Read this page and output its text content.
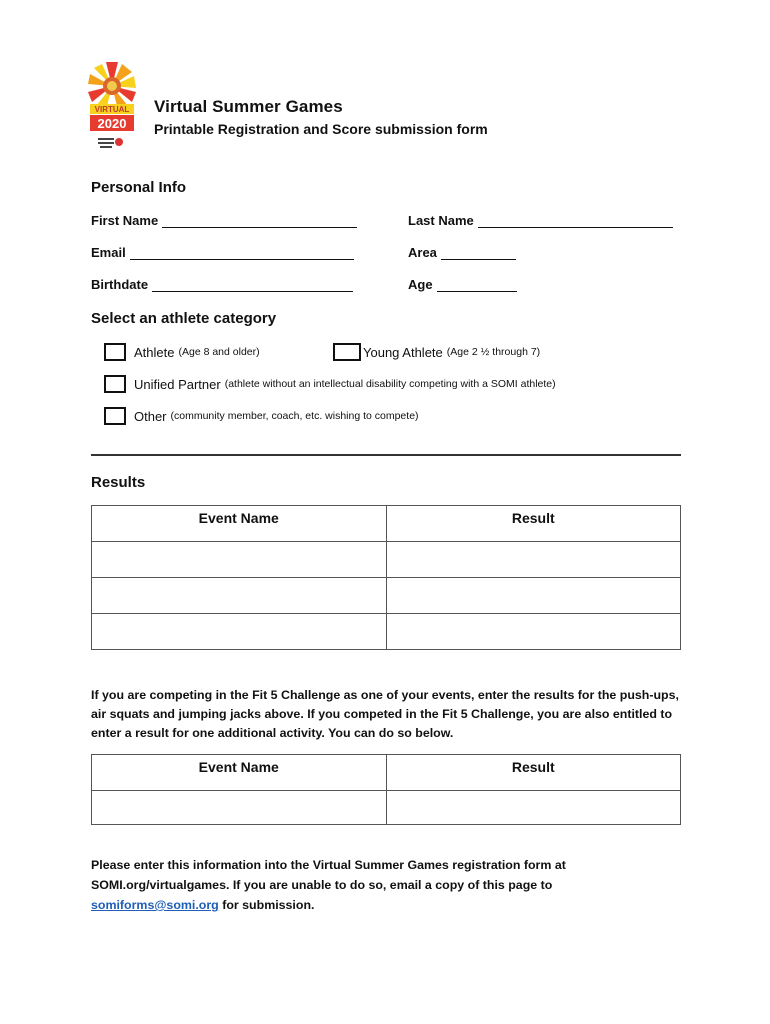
VIRTUAL
2020
Virtual Summer Games
Printable Registration and Score submission form
Personal Info
First Name	Last Name
Email	Area
Birthdate	Age
Select an athlete category
Athlete (Age 8 and older)	Young Athlete (Age 2 ½ through 7)
Unified Partner (athlete without an intellectual disability competing with a SOMI athlete)
Other (community member, coach, etc. wishing to compete)
Results
Event Name	Result

If you are competing in the Fit 5 Challenge as one of your events, enter the results for the push-ups, air squats and jumping jacks above. If you competed in the Fit 5 Challenge, you are also entitled to enter a result for one additional activity. You can do so below.
Event Name	Result

Please enter this information into the Virtual Summer Games registration form at SOMI.org/virtualgames. If you are unable to do so, email a copy of this page to somiforms@somi.org for submission.
